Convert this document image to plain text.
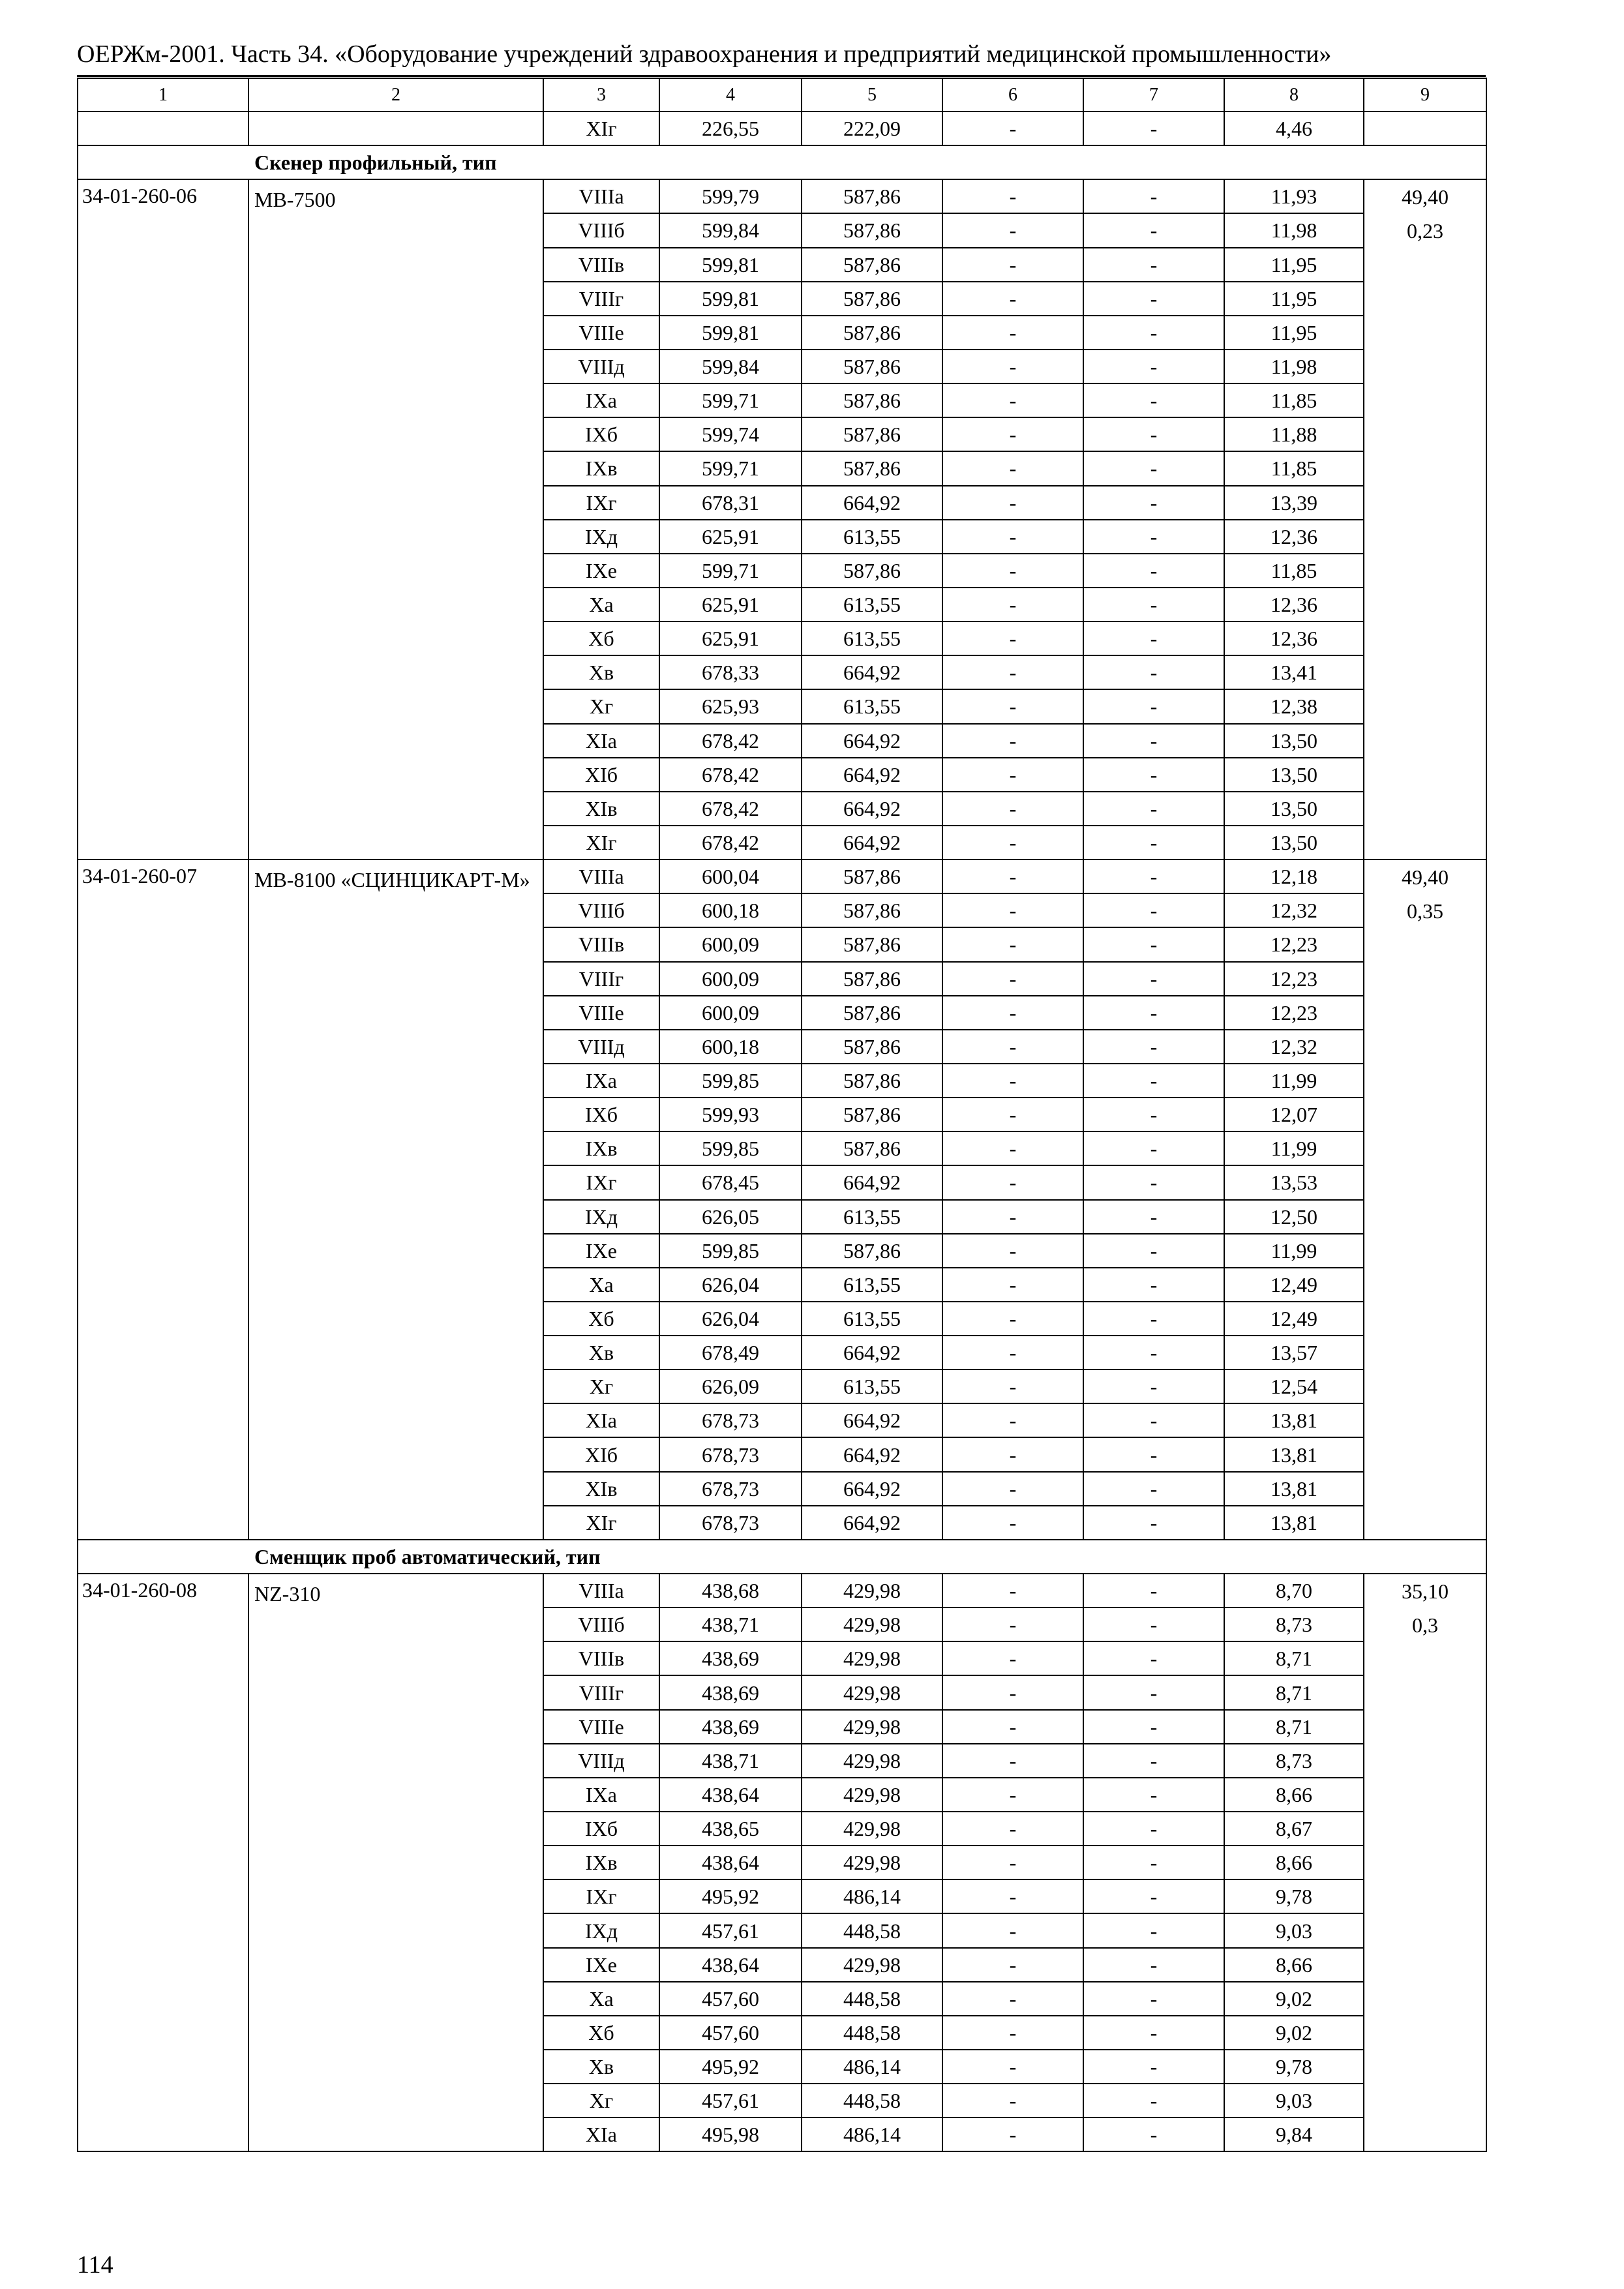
ОЕРЖм-2001. Часть 34. «Оборудование учреждений здравоохранения и предприятий медицинской промышленности»
1	2	3	4	5	6	7	8	9
		XIг	226,55	222,09	-	-	4,46	
Скенер профильный, тип								
34-01-260-06	МВ-7500	VIIIа	599,79	587,86	-	-	11,93	49,40
0,23

		VIIIб	599,84	587,86	-	-	11,98	
		VIIIв	599,81	587,86	-	-	11,95	
		VIIIг	599,81	587,86	-	-	11,95	
		VIIIе	599,81	587,86	-	-	11,95	
		VIIIд	599,84	587,86	-	-	11,98	
		IXа	599,71	587,86	-	-	11,85	
		IXб	599,74	587,86	-	-	11,88	
		IXв	599,71	587,86	-	-	11,85	
		IXг	678,31	664,92	-	-	13,39	
		IXд	625,91	613,55	-	-	12,36	
		IXе	599,71	587,86	-	-	11,85	
		Xа	625,91	613,55	-	-	12,36	
		Xб	625,91	613,55	-	-	12,36	
		Xв	678,33	664,92	-	-	13,41	
		Xг	625,93	613,55	-	-	12,38	
		XIа	678,42	664,92	-	-	13,50	
		XIб	678,42	664,92	-	-	13,50	
		XIв	678,42	664,92	-	-	13,50	
		XIг	678,42	664,92	-	-	13,50	
34-01-260-07	МВ-8100 «СЦИНЦИКАРТ-М»	VIIIа	600,04	587,86	-	-	12,18	49,40
0,35

		VIIIб	600,18	587,86	-	-	12,32	
		VIIIв	600,09	587,86	-	-	12,23	
		VIIIг	600,09	587,86	-	-	12,23	
		VIIIе	600,09	587,86	-	-	12,23	
		VIIIд	600,18	587,86	-	-	12,32	
		IXа	599,85	587,86	-	-	11,99	
		IXб	599,93	587,86	-	-	12,07	
		IXв	599,85	587,86	-	-	11,99	
		IXг	678,45	664,92	-	-	13,53	
		IXд	626,05	613,55	-	-	12,50	
		IXе	599,85	587,86	-	-	11,99	
		Xа	626,04	613,55	-	-	12,49	
		Xб	626,04	613,55	-	-	12,49	
		Xв	678,49	664,92	-	-	13,57	
		Xг	626,09	613,55	-	-	12,54	
		XIа	678,73	664,92	-	-	13,81	
		XIб	678,73	664,92	-	-	13,81	
		XIв	678,73	664,92	-	-	13,81	
		XIг	678,73	664,92	-	-	13,81	
Сменщик проб автоматический, тип								
34-01-260-08	NZ-310	VIIIа	438,68	429,98	-	-	8,70	35,10
0,3

		VIIIб	438,71	429,98	-	-	8,73	
		VIIIв	438,69	429,98	-	-	8,71	
		VIIIг	438,69	429,98	-	-	8,71	
		VIIIе	438,69	429,98	-	-	8,71	
		VIIIд	438,71	429,98	-	-	8,73	
		IXа	438,64	429,98	-	-	8,66	
		IXб	438,65	429,98	-	-	8,67	
		IXв	438,64	429,98	-	-	8,66	
		IXг	495,92	486,14	-	-	9,78	
		IXд	457,61	448,58	-	-	9,03	
		IXе	438,64	429,98	-	-	8,66	
		Xа	457,60	448,58	-	-	9,02	
		Xб	457,60	448,58	-	-	9,02	
		Xв	495,92	486,14	-	-	9,78	
		Xг	457,61	448,58	-	-	9,03	
		XIа	495,98	486,14	-	-	9,84	
114
